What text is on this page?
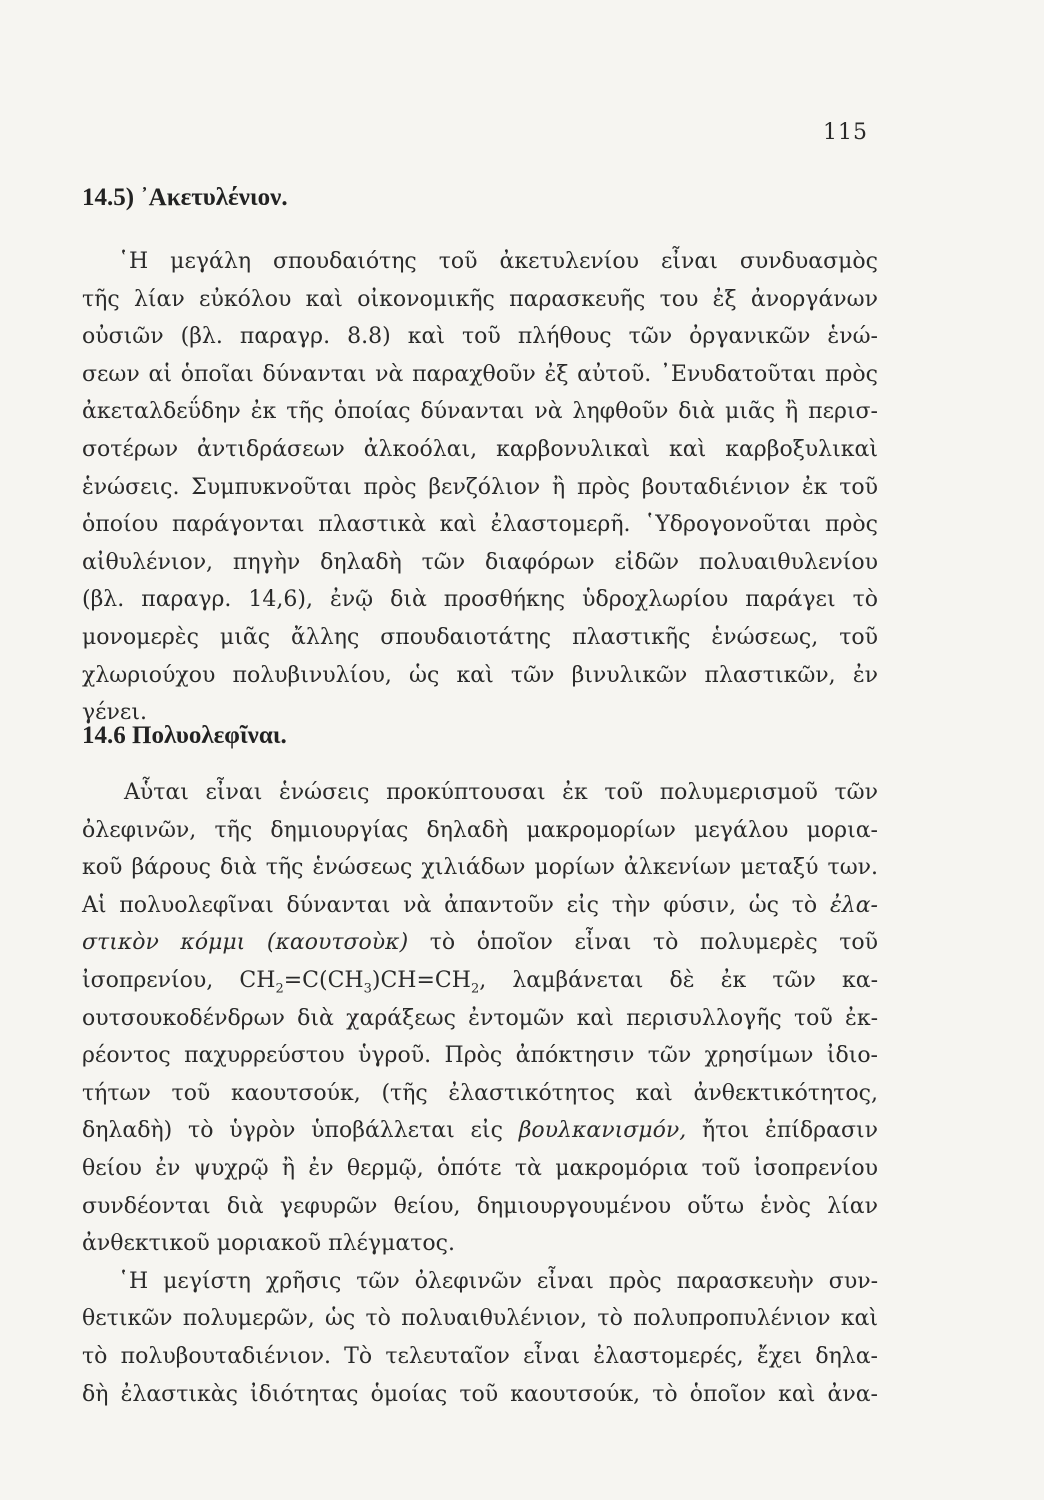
115
14.5) ᾿Ακετυλένιον.
῾Η μεγάλη σπουδαιότης τοῦ ἀκετυλενίου εἶναι συνδυασμὸς
τῆς λίαν εὐκόλου καὶ οἰκονομικῆς παρασκευῆς του ἐξ ἀνοργάνων
οὐσιῶν (βλ. παραγρ. 8.8) καὶ τοῦ πλήθους τῶν ὀργανικῶν ἑνώ-
σεων αἱ ὁποῖαι δύνανται νὰ παραχθοῦν ἐξ αὐτοῦ. ᾿Ενυδατοῦται πρὸς
ἀκεταλδεΰδην ἐκ τῆς ὁποίας δύνανται νὰ ληφθοῦν διὰ μιᾶς ἢ περισ-
σοτέρων ἀντιδράσεων ἀλκοόλαι, καρβονυλικαὶ καὶ καρβοξυλικαὶ
ἑνώσεις. Συμπυκνοῦται πρὸς βενζόλιον ἢ πρὸς βουταδιένιον ἐκ τοῦ
ὁποίου παράγονται πλαστικὰ καὶ ἐλαστομερῆ. ῾Υδρογονοῦται πρὸς
αἰθυλένιον, πηγὴν δηλαδὴ τῶν διαφόρων εἰδῶν πολυαιθυλενίου
(βλ. παραγρ. 14,6), ἐνῷ διὰ προσθήκης ὑδροχλωρίου παράγει τὸ
μονομερὲς μιᾶς ἄλλης σπουδαιοτάτης πλαστικῆς ἑνώσεως, τοῦ
χλωριούχου πολυβινυλίου, ὡς καὶ τῶν βινυλικῶν πλαστικῶν, ἐν
γένει.
14.6 Πολυολεφῖναι.
Αὗται εἶναι ἑνώσεις προκύπτουσαι ἐκ τοῦ πολυμερισμοῦ τῶν
ὀλεφινῶν, τῆς δημιουργίας δηλαδὴ μακρομορίων μεγάλου μορια-
κοῦ βάρους διὰ τῆς ἑνώσεως χιλιάδων μορίων ἀλκενίων μεταξύ των.
Αἱ πολυολεφῖναι δύνανται νὰ ἀπαντοῦν εἰς τὴν φύσιν, ὡς τὸ ἐλα-
στικὸν κόμμι (καουτσοὺκ) τὸ ὁποῖον εἶναι τὸ πολυμερὲς τοῦ
ἰσοπρενίου, $CH_2=C(CH_3)CH=CH_2$, λαμβάνεται δὲ ἐκ τῶν κα-
ουτσουκοδένδρων διὰ χαράξεως ἐντομῶν καὶ περισυλλογῆς τοῦ ἐκ-
ρέοντος παχυρρεύστου ὑγροῦ. Πρὸς ἀπόκτησιν τῶν χρησίμων ἰδιο-
τήτων τοῦ καουτσούκ, (τῆς ἐλαστικότητος καὶ ἀνθεκτικότητος,
δηλαδὴ) τὸ ὑγρὸν ὑποβάλλεται εἰς βουλκανισμόν, ἤτοι ἐπίδρασιν
θείου ἐν ψυχρῷ ἢ ἐν θερμῷ, ὁπότε τὰ μακρομόρια τοῦ ἰσοπρενίου
συνδέονται διὰ γεφυρῶν θείου, δημιουργουμένου οὕτω ἑνὸς λίαν
ἀνθεκτικοῦ μοριακοῦ πλέγματος.
῾Η μεγίστη χρῆσις τῶν ὀλεφινῶν εἶναι πρὸς παρασκευὴν συν-
θετικῶν πολυμερῶν, ὡς τὸ πολυαιθυλένιον, τὸ πολυπροπυλένιον καὶ
τὸ πολυβουταδιένιον. Τὸ τελευταῖον εἶναι ἐλαστομερές, ἔχει δηλα-
δὴ ἐλαστικὰς ἰδιότητας ὁμοίας τοῦ καουτσούκ, τὸ ὁποῖον καὶ ἀνα-
